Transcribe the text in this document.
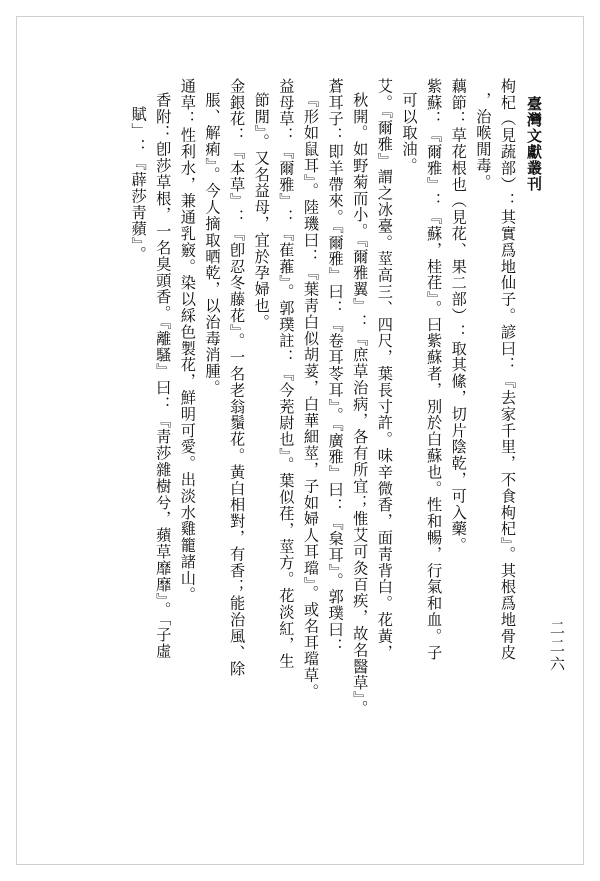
臺灣文獻叢刊
二二六
枸杞（見蔬部）：其實爲地仙子。諺曰：『去家千里，不食枸杞』。其根爲地骨皮
，治喉閒毒。
藕節：草花根也（見花、果二部）：取其絛，切片陰乾，可入藥。
紫蘇：『爾雅』：『蘇，桂荏』。曰紫蘇者，別於白蘇也。性和暢，行氣和血。子
可以取油。
艾。『爾雅』謂之冰臺。莖高三、四尺，葉長寸許。味辛微香，面靑背白。花黃，
秋開。如野菊而小。『爾雅翼』：『庶草治病，各有所宜；惟艾可灸百疾，故名醫草』。
蒼耳子：即羊帶來。『爾雅』曰：『卷耳苓耳』。『廣雅』曰：『枲耳』。郭璞曰：
『形如鼠耳』。陸璣曰：『葉靑白似胡荽，白華細莖，子如婦人耳璫』。或名耳璫草。
益母草：『爾雅』：『萑蓷』。郭璞註：『今茺尉也』。葉似荏，莖方。花淡紅，生
節閒』。又名益母，宜於孕婦也。
金銀花：『本草』：『卽忍冬藤花』。一名老翁鬚花。黃白相對，有香；能治風、除
脹、解痢』。今人摘取晒乾，以治毒消腫。
通草：性利水，兼通乳竅。染以綵色製花，鮮明可愛。出淡水雞籠諸山。
香附：卽莎草根，一名臭頭香。『離騷』曰：『靑莎雜樹兮，蘋草靡靡』。「子虛
賦」：『薜莎靑蘋』。
